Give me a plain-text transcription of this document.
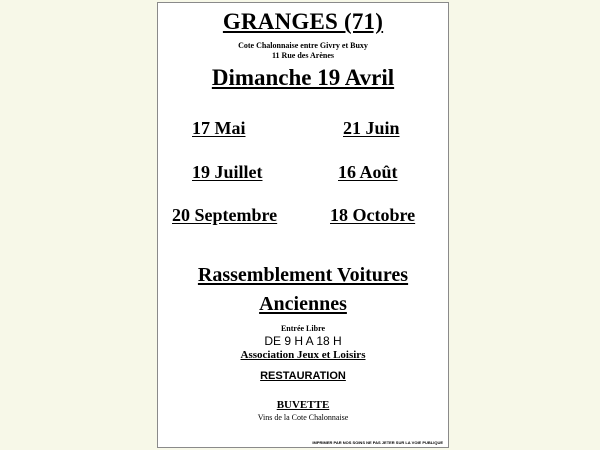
GRANGES (71)
Cote Chalonnaise entre Givry et Buxy
11 Rue des Arènes
Dimanche 19 Avril
17 Mai	21 Juin
19 Juillet	16 Août
20 Septembre	18 Octobre
Rassemblement Voitures
Anciennes
Entrée Libre
DE 9 H A 18 H
Association Jeux et Loisirs
RESTAURATION
BUVETTE
Vins de la Cote Chalonnaise
IMPRIMER PAR NOS SOINS NE PAS JETER SUR LA VOIE PUBLIQUE
